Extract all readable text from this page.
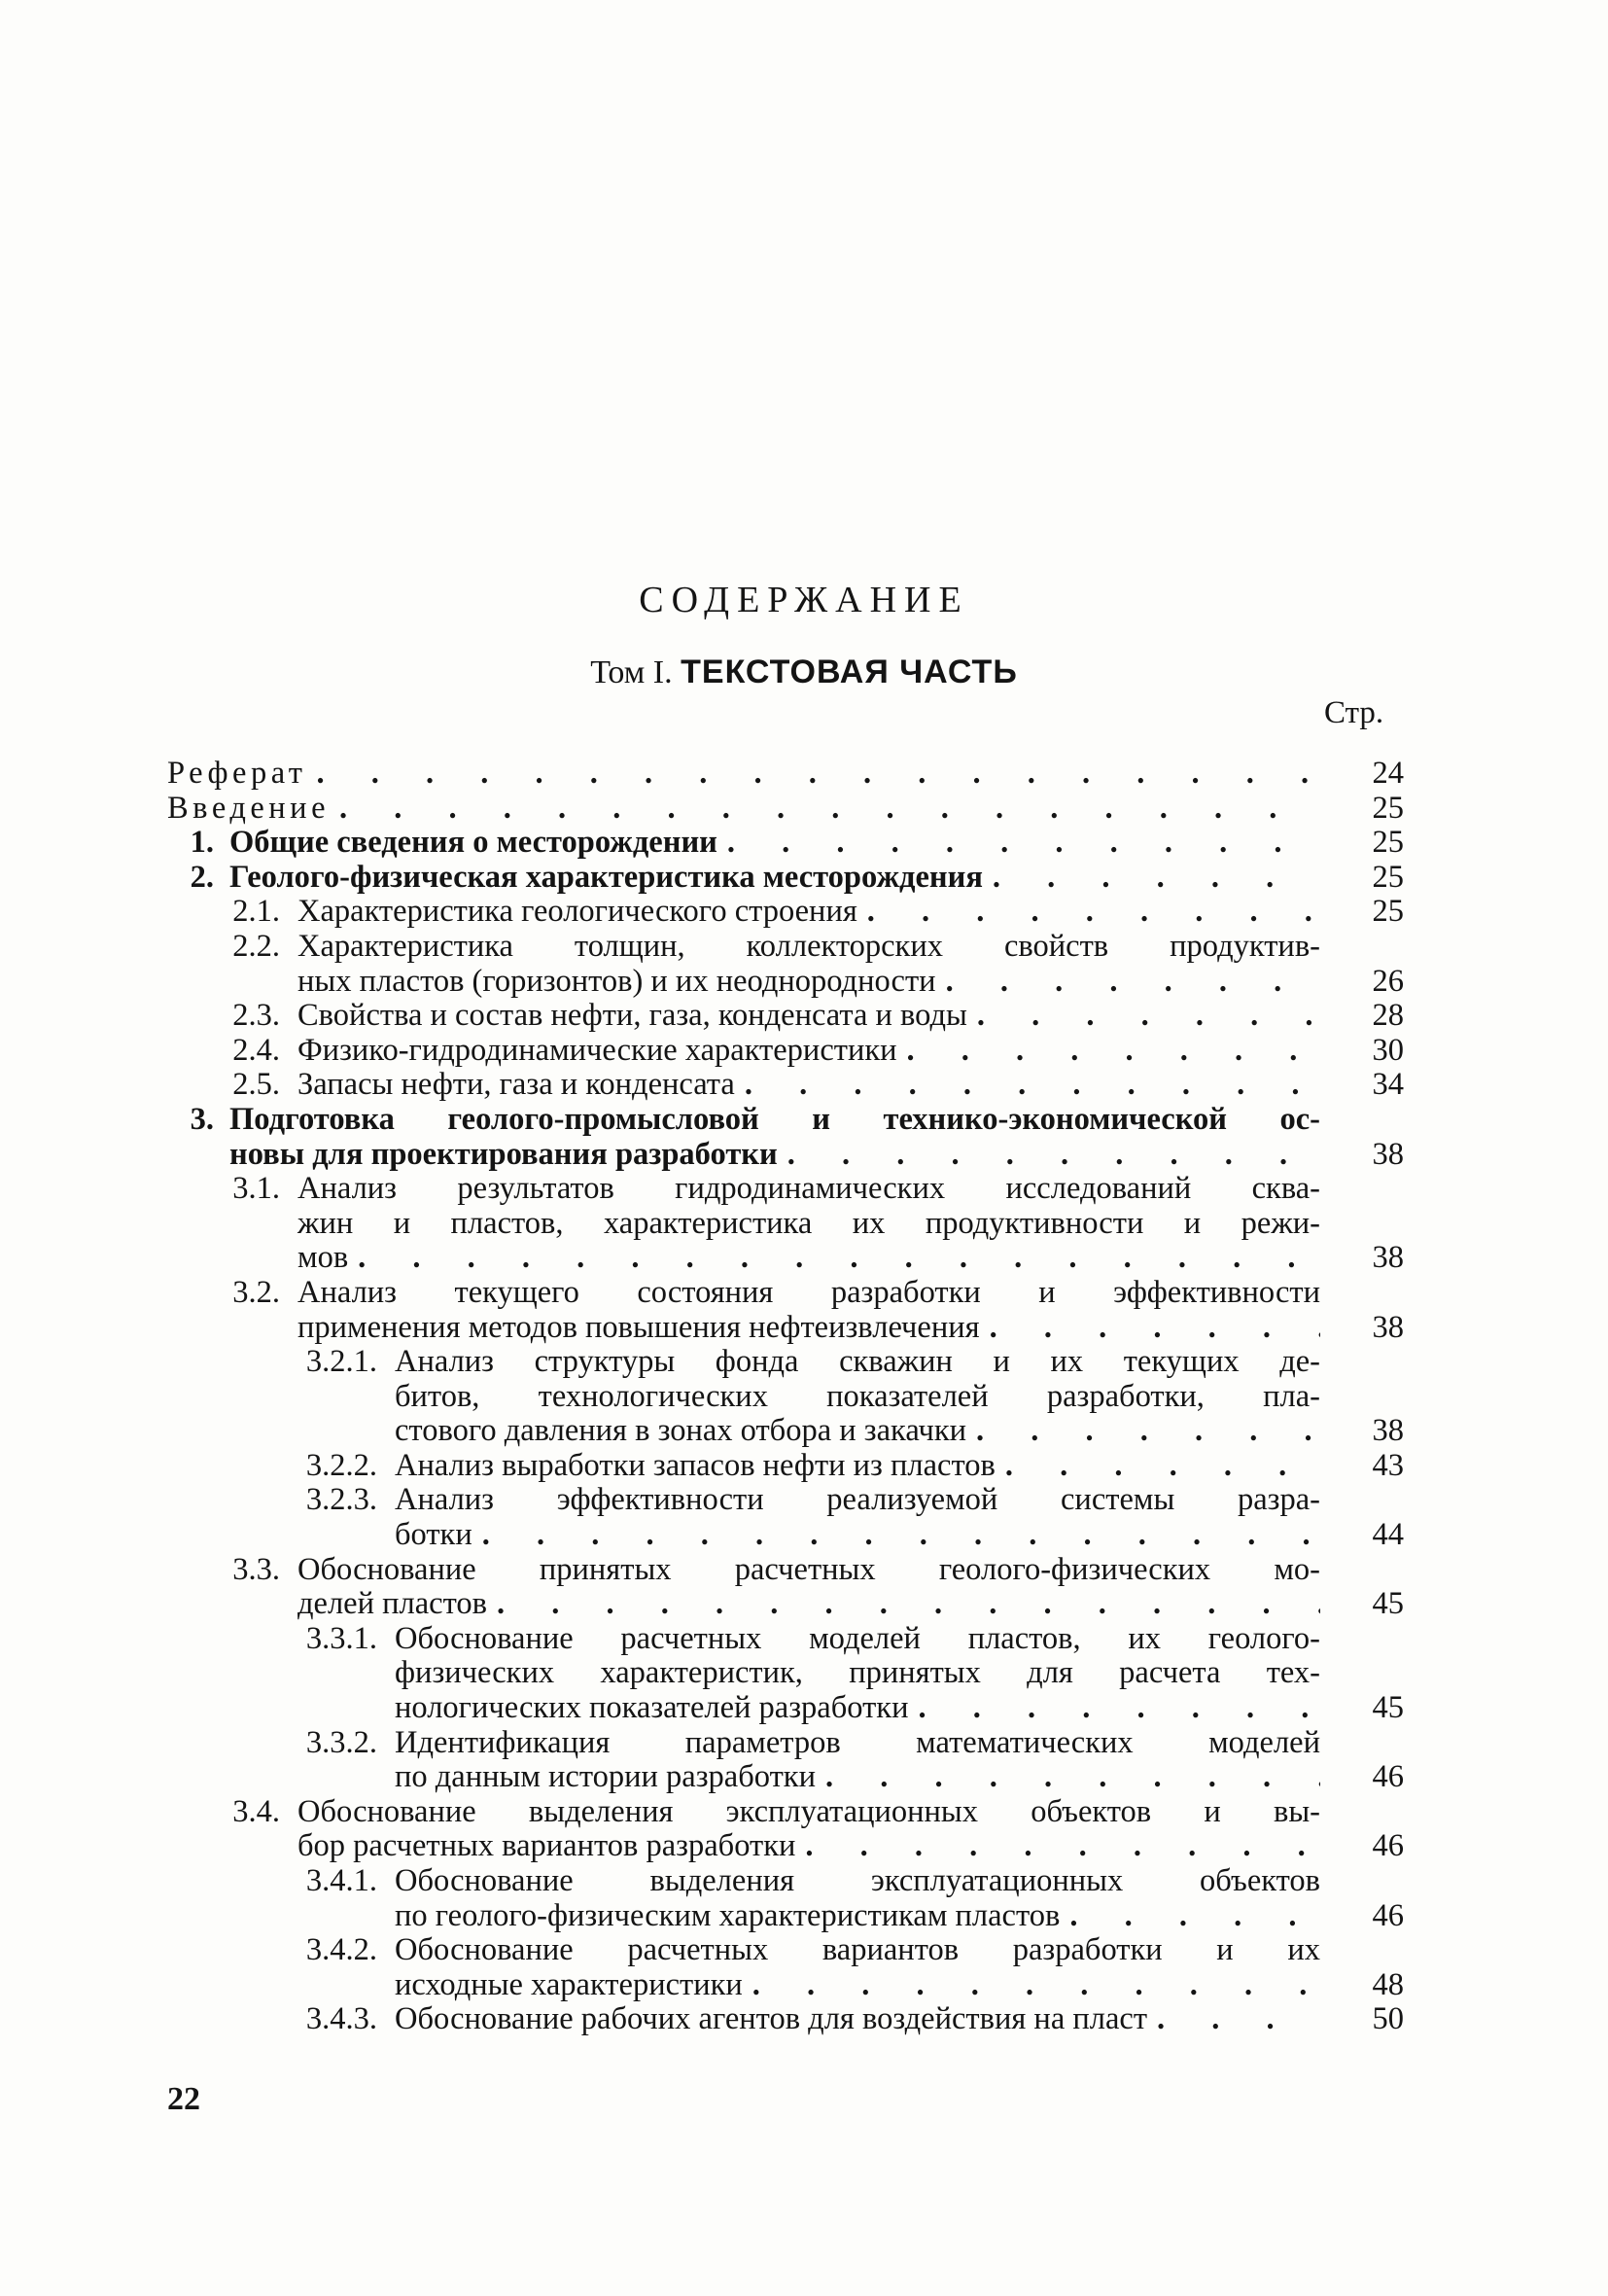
СОДЕРЖАНИЕ
Том I. ТЕКСТОВАЯ ЧАСТЬ
Стр.
Реферат . . .	24
Введение . . .	25
1. Общие сведения о месторождении . . .	25
2. Геолого-физическая характеристика месторождения . . .	25
2.1. Характеристика геологического строения . . .	25
2.2. Характеристика толщин, коллекторских свойств продуктив-
ных пластов (горизонтов) и их неоднородности . . .	26
2.3. Свойства и состав нефти, газа, конденсата и воды . . .	28
2.4. Физико-гидродинамические характеристики . . .	30
2.5. Запасы нефти, газа и конденсата . . .	34
3. Подготовка геолого-промысловой и технико-экономической ос-
новы для проектирования разработки . . .	38
3.1. Анализ результатов гидродинамических исследований сква-
жин и пластов, характеристика их продуктивности и режи-
мов . . .	38
3.2. Анализ текущего состояния разработки и эффективности
применения методов повышения нефтеизвлечения . . .	38
3.2.1. Анализ структуры фонда скважин и их текущих де-
битов, технологических показателей разработки, пла-
стового давления в зонах отбора и закачки . . .	38
3.2.2. Анализ выработки запасов нефти из пластов . . .	43
3.2.3. Анализ эффективности реализуемой системы разра-
ботки . . .	44
3.3. Обоснование принятых расчетных геолого-физических мо-
делей пластов . . .	45
3.3.1. Обоснование расчетных моделей пластов, их геолого-
физических характеристик, принятых для расчета тех-
нологических показателей разработки . . .	45
3.3.2. Идентификация параметров математических моделей
по данным истории разработки . . .	46
3.4. Обоснование выделения эксплуатационных объектов и вы-
бор расчетных вариантов разработки . . .	46
3.4.1. Обоснование выделения эксплуатационных объектов
по геолого-физическим характеристикам пластов . . .	46
3.4.2. Обоснование расчетных вариантов разработки и их
исходные характеристики . . .	48
3.4.3. Обоснование рабочих агентов для воздействия на пласт . . .	50
22
